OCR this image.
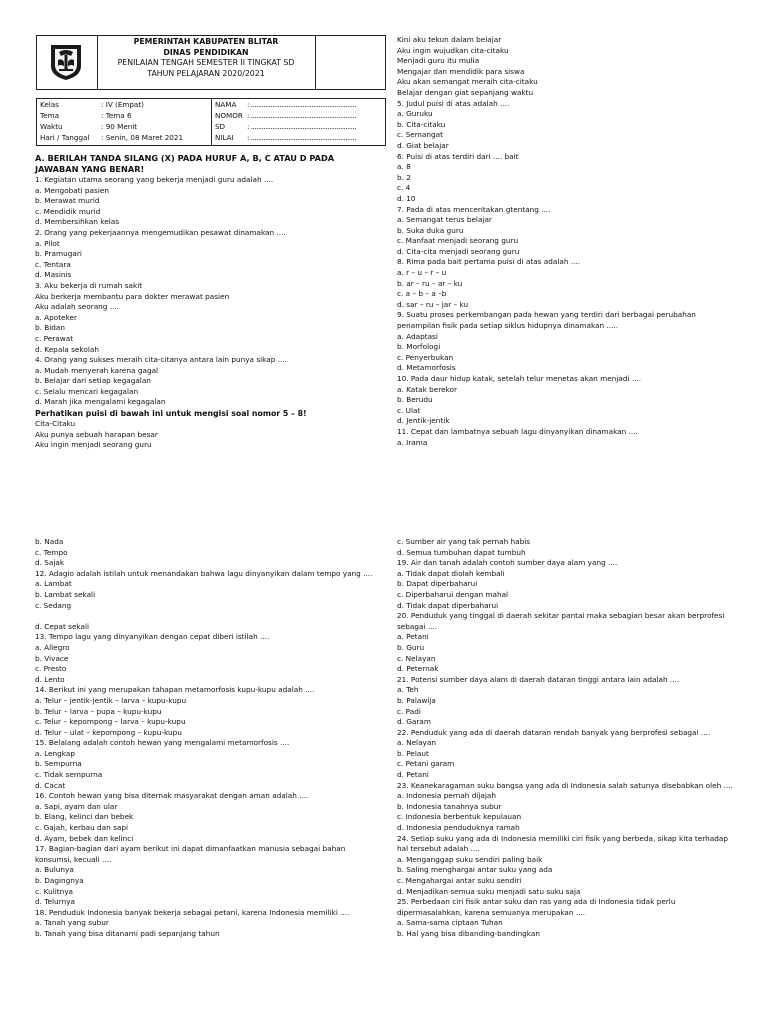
PEMERINTAH KABUPATEN BLITAR
DINAS PENDIDIKAN
PENILAIAN TENGAH SEMESTER II TINGKAT SD
TAHUN PELAJARAN 2020/2021
Kelas	: IV (Empat)
Tema	: Tema 6
Waktu	: 90 Menit
Hari / Tanggal : Senin, 08 Maret 2021
NAMA : ...........................................................
NOMOR : ...........................................................
SD	: ...........................................................
NILAI : ...........................................................
A. BERILAH TANDA SILANG (X) PADA HURUF A, B, C ATAU D PADA JAWABAN YANG BENAR!
1. Kegiatan utama seorang yang bekerja menjadi guru adalah ....
a. Mengobati pasien
b. Merawat murid
c. Mendidik murid
d. Membersihkan kelas
2. Orang yang pekerjaannya mengemudikan pesawat dinamakan ....
a. Pilot
b. Pramugari
c. Tentara
d. Masinis
3. Aku bekerja di rumah sakit
Aku berkerja membantu para dokter merawat pasien
Aku adalah seorang ....
a. Apoteker
b. Bidan
c. Perawat
d. Kepala sekolah
4. Orang yang sukses meraih cita-citanya antara lain punya sikap ....
a. Mudah menyerah karena gagal
b. Belajar dari setiap kegagalan
c. Selalu mencari kegagalan
d. Marah jika mengalami kegagalan
Perhatikan puisi di bawah ini untuk mengisi soal nomor 5 – 8!
Cita-Citaku
Aku punya sebuah harapan besar
Aku ingin menjadi seorang guru
Kini aku tekun dalam belajar
Aku ingin wujudkan cita-citaku
Menjadi guru itu mulia
Mengajar dan mendidik para siswa
Aku akan semangat meraih cita-citaku
Belajar dengan giat sepanjang waktu
5. Judul puisi di atas adalah ....
a. Guruku
b. Cita-citaku
c. Semangat
d. Giat belajar
6. Puisi di atas terdiri dari .... bait
a. 8
b. 2
c. 4
d. 10
7. Pada di atas menceritakan gtentang ....
a. Semangat terus belajar
b. Suka duka guru
c. Manfaat menjadi seorang guru
d. Cita-cita menjadi seorang guru
8. Rima pada bait pertama puisi di atas adalah ....
a. r – u – r – u
b. ar – ru – ar – ku
c. a – b – a –b
d. sar – ru – jar – ku
9. Suatu proses perkembangan pada hewan yang terdiri dari berbagai perubahan
penampilan fisik pada setiap siklus hidupnya dinamakan .....
a. Adaptasi
b. Morfologi
c. Penyerbukan
d. Metamorfosis
10. Pada daur hidup katak, setelah telur menetas akan menjadi ....
a. Katak berekor
b. Berudu
c. Ulat
d. Jentik-jentik
11. Cepat dan lambatnya sebuah lagu dinyanyikan dinamakan ....
a. Irama
b. Nada
c. Tempo
d. Sajak
12. Adagio adalah istilah untuk menandakan bahwa lagu dinyanyikan dalam tempo yang ....
a. Lambat
b. Lambat sekali
c. Sedang
d. Cepat sekali
13. Tempo lagu yang dinyanyikan dengan cepat diberi istilah ....
a. Allegro
b. Vivace
c. Presto
d. Lento
14. Berikut ini yang merupakan tahapan metamorfosis kupu-kupu adalah ....
a. Telur – jentik-jentik – larva – kupu-kupu
b. Telur – larva – pupa – kupu-kupu
c. Telur – kepompong – larva – kupu-kupu
d. Telur – ulat – kepompong – kupu-kupu
15. Belalang adalah contoh hewan yang mengalami metamorfosis ....
a. Lengkap
b. Sempurna
c. Tidak sempurna
d. Cacat
16. Contoh hewan yang bisa diternak masyarakat dengan aman adalah ....
a. Sapi, ayam dan ular
b. Elang, kelinci dan bebek
c. Gajah, kerbau dan sapi
d. Ayam, bebek dan kelinci
17. Bagian-bagian dari ayam berikut ini dapat dimanfaatkan manusia sebagai bahan
konsumsi, kecuali ....
a. Bulunya
b. Dagingnya
c. Kulitnya
d. Telurnya
18. Penduduk Indonesia banyak bekerja sebagai petani, karena Indonesia memiliki ....
a. Tanah yang subur
b. Tanah yang bisa ditanami padi sepanjang tahun
c. Sumber air yang tak pernah habis
d. Semua tumbuhan dapat tumbuh
19. Air dan tanah adalah contoh sumber daya alam yang ....
a. Tidak dapat diolah kembali
b. Dapat diperbaharui
c. Diperbaharui dengan mahal
d. Tidak dapat diperbaharui
20. Penduduk yang tinggal di daerah sekitar pantai maka sebagian besar akan berprofesi
sebagai ....
a. Petani
b. Guru
c. Nelayan
d. Peternak
21. Potensi sumber daya alam di daerah dataran tinggi antara lain adalah ....
a. Teh
b. Palawija
c. Padi
d. Garam
22. Penduduk yang ada di daerah dataran rendah banyak yang berprofesi sebagai ....
a. Nelayan
b. Pelaut
c. Petani garam
d. Petani
23. Keanekaragaman suku bangsa yang ada di Indonesia salah satunya disebabkan oleh ....
a. Indonesia pernah dijajah
b. Indonesia tanahnya subur
c. Indonesia berbentuk kepulauan
d. Indonesia penduduknya ramah
24. Setiap suku yang ada di Indonesia memiliki ciri fisik yang berbeda, sikap kita terhadap
hal tersebut adalah ....
a. Menganggap suku sendiri paling baik
b. Saling menghargai antar suku yang ada
c. Mengahargai antar suku sendiri
d. Menjadikan semua suku menjadi satu suku saja
25. Perbedaan ciri fisik antar suku dan ras yang ada di Indonesia tidak perlu
dipermasalahkan, karena semuanya merupakan ....
a. Sama-sama ciptaan Tuhan
b. Hal yang bisa dibanding-bandingkan
